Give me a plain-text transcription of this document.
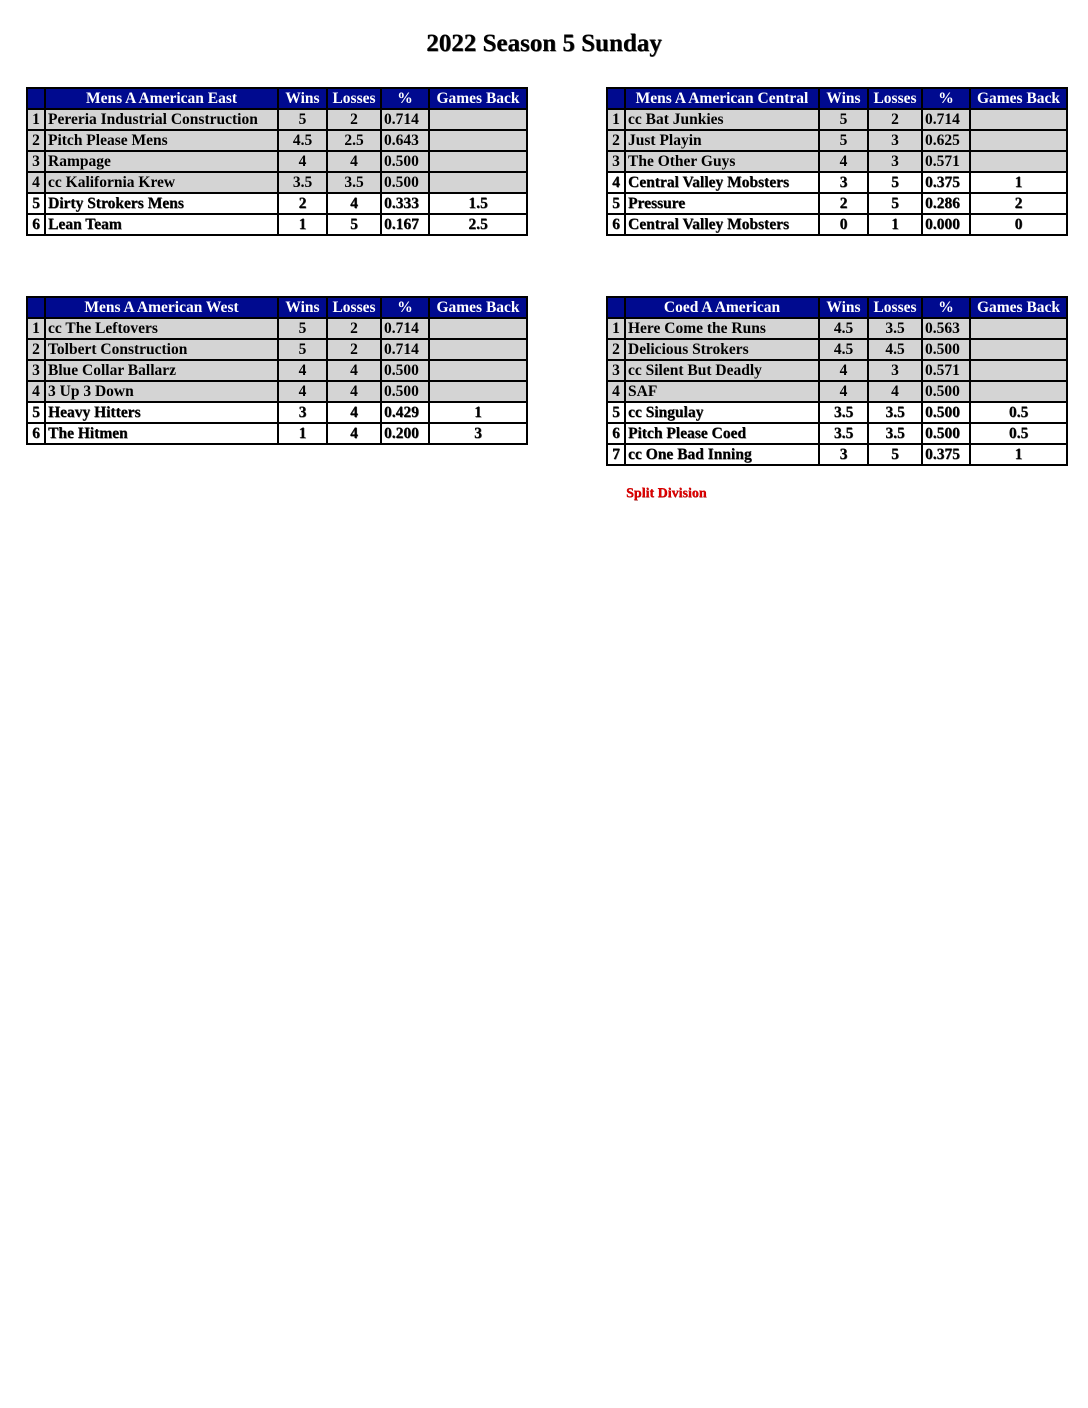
2022 Season 5 Sunday
	Mens A American East	Wins	Losses	%	Games Back
1	Pereria Industrial Construction	5	2	0.714	
2	Pitch Please Mens	4.5	2.5	0.643	
3	Rampage	4	4	0.500	
4	cc Kalifornia Krew	3.5	3.5	0.500	
5	Dirty Strokers Mens	2	4	0.333	1.5
6	Lean Team	1	5	0.167	2.5
	Mens A American Central	Wins	Losses	%	Games Back
1	cc Bat Junkies	5	2	0.714	
2	Just Playin	5	3	0.625	
3	The Other Guys	4	3	0.571	
4	Central Valley Mobsters	3	5	0.375	1
5	Pressure	2	5	0.286	2
6	Central Valley Mobsters	0	1	0.000	0
	Mens A American West	Wins	Losses	%	Games Back
1	cc The Leftovers	5	2	0.714	
2	Tolbert Construction	5	2	0.714	
3	Blue Collar Ballarz	4	4	0.500	
4	3 Up 3 Down	4	4	0.500	
5	Heavy Hitters	3	4	0.429	1
6	The Hitmen	1	4	0.200	3
	Coed A American	Wins	Losses	%	Games Back
1	Here Come the Runs	4.5	3.5	0.563	
2	Delicious Strokers	4.5	4.5	0.500	
3	cc Silent But Deadly	4	3	0.571	
4	SAF	4	4	0.500	
5	cc Singulay	3.5	3.5	0.500	0.5
6	Pitch Please Coed	3.5	3.5	0.500	0.5
7	cc One Bad Inning	3	5	0.375	1
Split Division
